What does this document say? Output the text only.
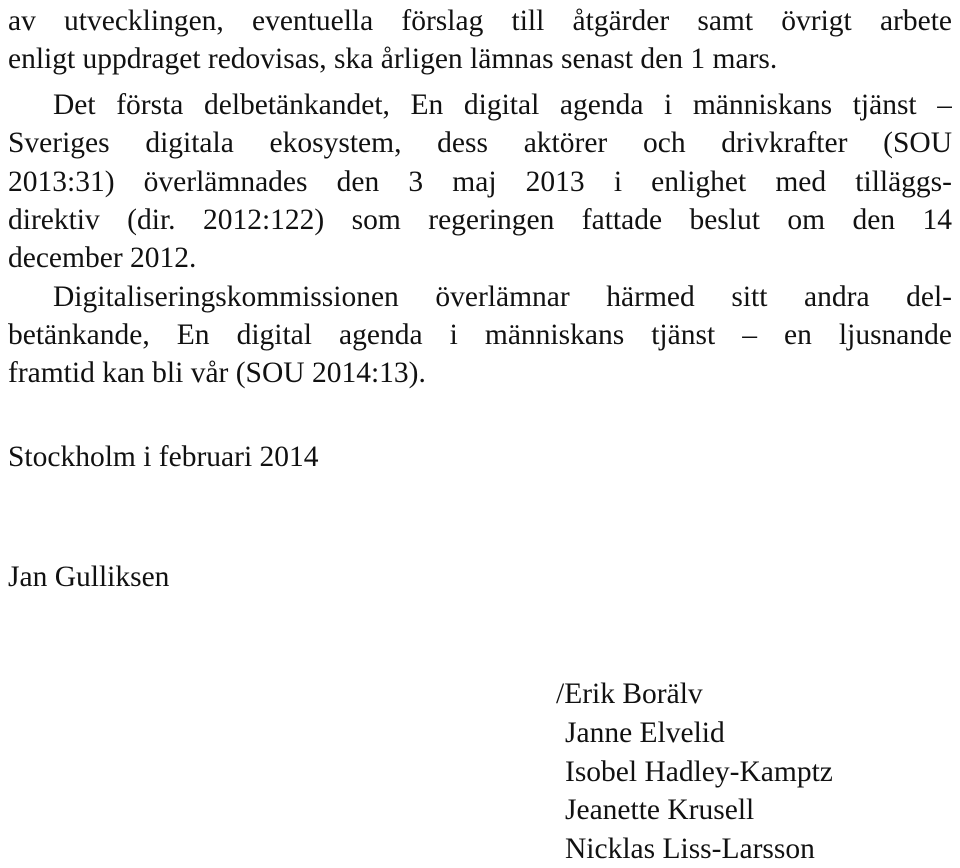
av utvecklingen, eventuella förslag till åtgärder samt övrigt arbete
enligt uppdraget redovisas, ska årligen lämnas senast den 1 mars.
Det första delbetänkandet, En digital agenda i människans tjänst –
Sveriges digitala ekosystem, dess aktörer och drivkrafter (SOU
2013:31) överlämnades den 3 maj 2013 i enlighet med tilläggs-
direktiv (dir. 2012:122) som regeringen fattade beslut om den 14
december 2012.
Digitaliseringskommissionen överlämnar härmed sitt andra del-
betänkande, En digital agenda i människans tjänst – en ljusnande
framtid kan bli vår (SOU 2014:13).
Stockholm i februari 2014
Jan Gulliksen
/Erik Borälv
Janne Elvelid
Isobel Hadley-Kamptz
Jeanette Krusell
Nicklas Liss-Larsson
